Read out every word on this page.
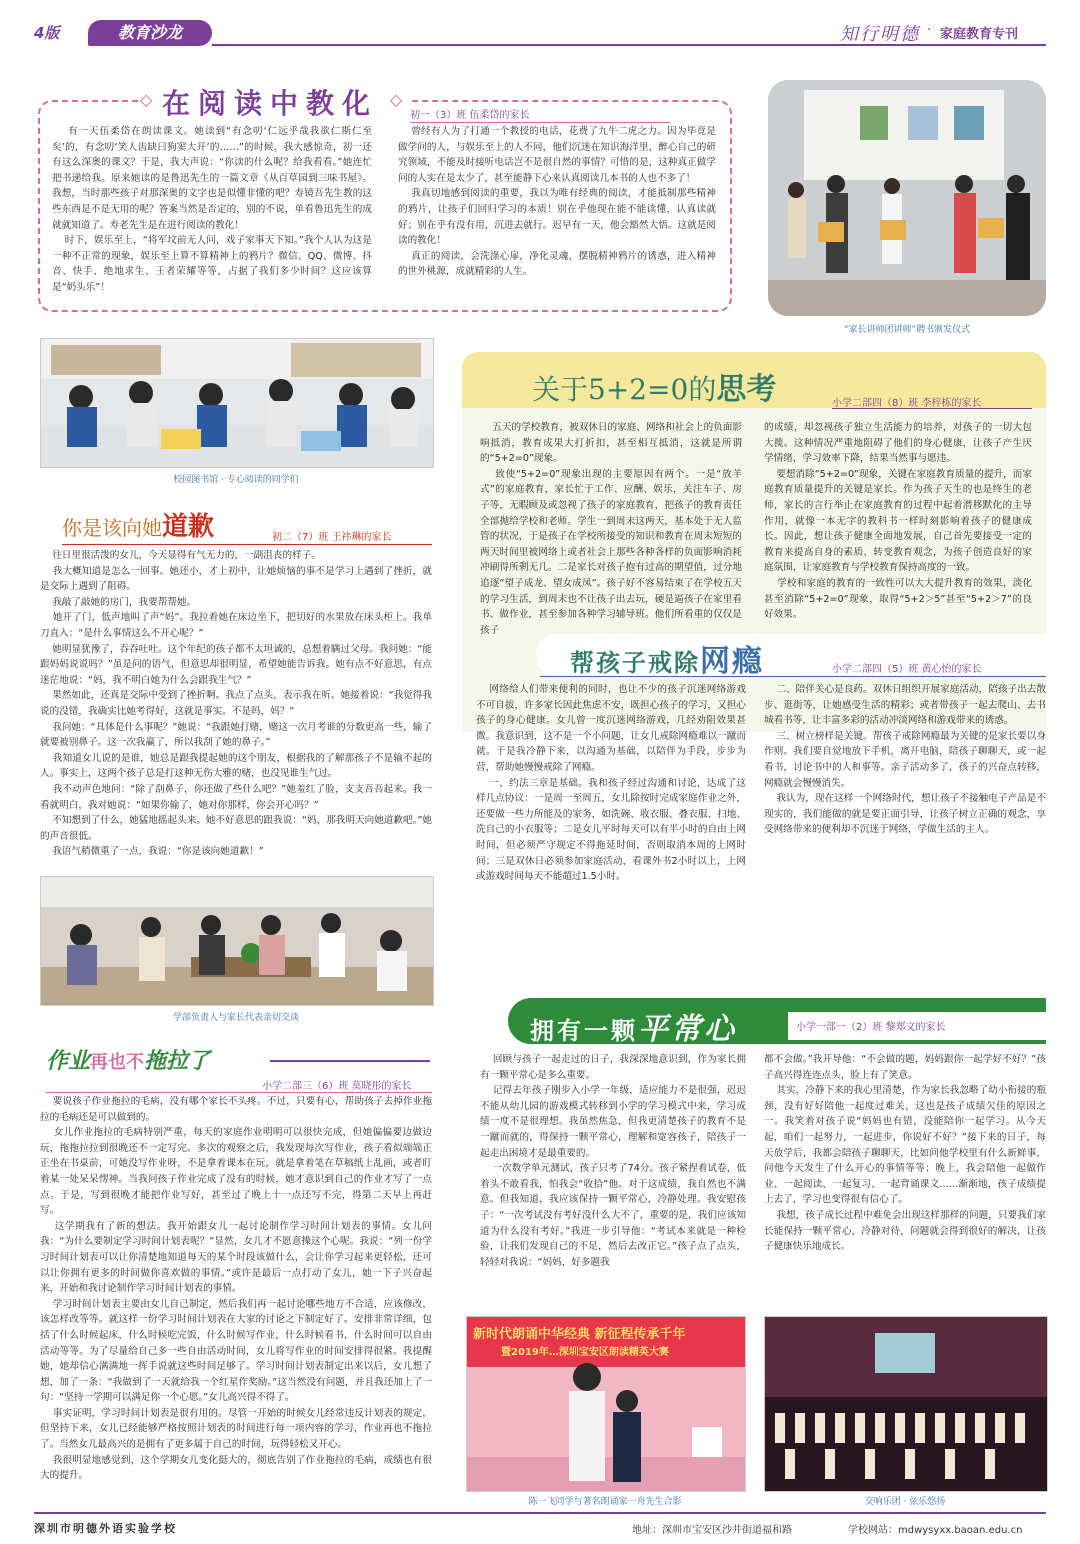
4版	教育沙龙	知行明德 · 家庭教育专刊
◇ 在阅读中教化 ◇
初一（3）班 伍柔岱的家长
有一天伍柔岱在朗读课文。她读到“有念叨‘仁远乎哉我欲仁斯仁至矣’的，有念叨‘笑人齿缺曰狗窦大开’的……”的时候，我大感惊奇，初一还有这么深奥的课文？于是，我大声说：“你读的什么呢？给我看看。”她连忙把书递给我。原来她读的是鲁迅先生的一篇文章《从百草园到三味书屋》。我想，当时那些孩子对那深奥的文字也是似懂非懂的吧？寿镜吾先生教的这些东西是不是无用的呢？答案当然是否定的，别的不说，单看鲁迅先生的成就就知道了。寿老先生是在进行阅读的教化！
时下，娱乐至上，“将军坟前无人问，戏子家事天下知。”我个人认为这是一种不正常的现象，娱乐至上算不算精神上的鸦片？微信、QQ、微博、抖音、快手、绝地求生、王者荣耀等等，占据了我们多少时间？这应该算是“奶头乐”！
曾经有人为了打通一个教授的电话，花费了九牛二虎之力。因为毕竟是做学问的人，与娱乐至上的人不同，他们沉迷在知识海洋里，醉心自己的研究领域，不能及时接听电话岂不是很自然的事情？可惜的是，这种真正做学问的人实在是太少了，甚至能静下心来认真阅读几本书的人也不多了！
我真切地感到阅读的重要，我以为唯有经典的阅读，才能抵制那些精神的鸦片，让孩子们回归学习的本质！别在乎他现在能不能读懂，认真读就好；别在乎有没有用，沉进去就行。迟早有一天，他会豁然大悟。这就是阅读的教化！
真正的阅读，会洗涤心扉，净化灵魂，摆脱精神鸦片的诱惑，进入精神的世外桃源，成就精彩的人生。
“家长讲师团讲师”聘书颁发仪式
校园图书馆 · 专心阅读的同学们
你是该向她道歉	初二（7）班 王祎琳的家长
往日里很活泼的女儿，今天显得有气无力的，一副沮丧的样子。
我大概知道是怎么一回事。她还小，才上初中，让她烦恼的事不是学习上遇到了挫折，就是交际上遇到了阻碍。
我敲了敲她的房门，我要帮帮她。
她开了门，低声地叫了声“妈”。我拉着她在床边坐下，把切好的水果放在床头柜上。我单刀直入：“是什么事情这么不开心呢？”
她明显犹豫了，吞吞吐吐。这个年纪的孩子都不太坦诚的，总想着瞒过父母。我问她：“能跟妈妈说说吗？”虽是问的语气，但意思却很明显，希望她能告诉我。她有点不好意思，有点迷茫地说：“妈，我不明白她为什么会跟我生气？”
果然如此，还真是交际中受到了挫折啊。我点了点头，表示我在听。她接着说：“我觉得我说的没错，我确实比她考得好，这就是事实。不是吗，妈？”
我问她：“具体是什么事呢？”她说：“我跟她打赌，赌这一次月考谁的分数更高一些，输了就要被别鼻子。这一次我赢了，所以我刮了她的鼻子。”
我知道女儿说的是谁，她总是跟我提起她的这个朋友，根据我的了解那孩子不是输不起的人。事实上，这两个孩子总是打这种无伤大雅的赌，也没见谁生气过。
我不动声色地问：“除了刮鼻子，你还做了些什么吧？”她羞红了脸，支支吾吾起来。我一看就明白，我对她说：“如果你输了，她对你那样，你会开心吗？”
不知想到了什么，她猛地摇起头来。她不好意思的跟我说：“妈，那我明天向她道歉吧。”她的声音很低。
我语气稍微重了一点，我说：“你是该向她道歉！”
学部负责人与家长代表亲切交谈
作业再也不拖拉了
小学二部三（6）班 莫晓彤的家长
要说孩子作业拖拉的毛病，没有哪个家长不头疼。不过，只要有心，帮助孩子去掉作业拖拉的毛病还是可以做到的。
女儿作业拖拉的毛病特别严重，每天的家庭作业明明可以很快完成，但她偏偏要边做边玩，拖拖拉拉到很晚还不一定写完。多次的观察之后，我发现每次写作业，孩子看似端端正正坐在书桌前，可她没写作业呀，不是拿着课本在玩，就是拿着笔在草稿纸上乱画，或者盯着某一处呆呆愣神。当我问孩子作业完成了没有的时候，她才意识到自己的作业才写了一点点。于是，写到很晚才能把作业写好，甚至过了晚上十一点还写不完，得第二天早上再赶写。
这学期我有了新的想法。我开始跟女儿一起讨论制作学习时间计划表的事情。女儿问我：“为什么要制定学习时间计划表呢？”显然，女儿才不愿意操这个心呢。我说：“列一份学习时间计划表可以让你清楚地知道每天的某个时段该做什么，会让你学习起来更轻松，还可以让你拥有更多的时间做你喜欢做的事情。”或许是最后一点打动了女儿，她一下子兴奋起来，开始和我讨论制作学习时间计划表的事情。
学习时间计划表主要由女儿自己制定，然后我们再一起讨论哪些地方不合适，应该修改，该怎样改等等。就这样一份学习时间计划表在大家的讨论之下制定好了。安排非常详细，包括了什么时候起床，什么时候吃完饭，什么时候写作业，什么时候看书，什么时间可以自由活动等等。为了尽量给自己多一些自由活动时间，女儿将写作业的时间安排得很紧。我提醒她，她却信心满满地一挥手说就这些时间足够了。学习时间计划表制定出来以后，女儿想了想，加了一条：“我做到了一天就给我一个红星作奖励。”这当然没有问题，并且我还加上了一句：“坚持一学期可以满足你一个心愿。”女儿高兴得不得了。
事实证明，学习时间计划表是很有用的。尽管一开始的时候女儿经常违反计划表的规定，但坚持下来，女儿已经能够严格按照计划表的时间进行每一项内容的学习，作业再也不拖拉了。当然女儿最高兴的是拥有了更多属于自己的时间，玩得轻松又开心。
我很明显地感觉到，这个学期女儿变化挺大的，彻底告别了作业拖拉的毛病，成绩也有很大的提升。
关于5+2=0的思考	小学二部四（8）班 李梓栋的家长
五天的学校教育，被双休日的家庭、网络和社会上的负面影响抵消，教育成果大打折扣，甚至相互抵消，这就是所谓的“5+2=0”现象。
致使“5+2=0”现象出现的主要原因有两个。一是“放羊式”的家庭教育，家长忙于工作、应酬、娱乐，关注车子、房子等，无暇顾及或忽视了孩子的家庭教育，把孩子的教育责任全部抛给学校和老师。学生一到周末这两天，基本处于无人监管的状况，于是孩子在学校所接受的知识和教育在周末短短的两天时间里被网络上或者社会上那些各种各样的负面影响消耗冲刷得所剩无几。二是家长对孩子抱有过高的期望值，过分地追逐“望子成龙、望女成凤”。孩子好不容易结束了在学校五天的学习生活，到周末也不让孩子出去玩，硬是逼孩子在家里看书、做作业，甚至参加各种学习辅导班。他们所看重的仅仅是孩子
的成绩，却忽视孩子独立生活能力的培养，对孩子的一切大包大揽。这种情况严重地阻碍了他们的身心健康，让孩子产生厌学情绪，学习效率下降，结果当然事与愿违。
要想消除“5+2=0”现象，关键在家庭教育质量的提升，而家庭教育质量提升的关键是家长。作为孩子天生的也是终生的老师，家长的言行举止在家庭教育的过程中起着潜移默化的主导作用，就像一本无字的教科书一样时刻影响着孩子的健康成长。因此，想让孩子健康全面地发展，自己首先要接受一定的教育来提高自身的素质、转变教育观念，为孩子创造良好的家庭氛围，让家庭教育与学校教育保持高度的一致。
学校和家庭的教育的一致性可以大大提升教育的效果，淡化甚至消除“5+2=0”现象，取得“5+2＞5”甚至“5+2＞7”的良好效果。
帮孩子戒除网瘾	小学二部四（5）班 黄心怡的家长
网络给人们带来便利的同时，也让不少的孩子沉迷网络游戏不可自拔，许多家长因此焦虑不安，既担心孩子的学习，又担心孩子的身心健康。女儿曾一度沉迷网络游戏，几经劝阻效果甚微。我意识到，这不是一个小问题，让女儿戒除网瘾难以一蹴而就。于是我冷静下来，以沟通为基础，以陪伴为手段，步步为营，帮助她慢慢戒除了网瘾。
一、约法三章是基础。我和孩子经过沟通和讨论，达成了这样几点协议：一是周一至周五，女儿除按时完成家庭作业之外，还要做一些力所能及的家务，如洗碗、收衣服、叠衣服、扫地、洗自己的小衣服等；二是女儿平时每天可以有半小时的自由上网时间，但必须严守规定不得拖延时间，否则取消本周的上网时间；三是双休日必须参加家庭活动，看课外书2小时以上，上网或游戏时间每天不能超过1.5小时。
二、陪伴关心是良药。双休日组织开展家庭活动，陪孩子出去散步、逛街等，让她感受生活的精彩；或者带孩子一起去爬山、去书城看书等，让丰富多彩的活动冲淡网络和游戏带来的诱惑。
三、树立榜样是关键。帮孩子戒除网瘾最为关键的是家长要以身作则。我们要自觉地放下手机，离开电脑，陪孩子聊聊天，或一起看书，讨论书中的人和事等。亲子活动多了，孩子的兴奋点转移，网瘾就会慢慢消失。
我认为，现在这样一个网络时代，想让孩子不接触电子产品是不现实的，我们能做的就是要正面引导，让孩子树立正确的观念，享受网络带来的便利却不沉迷于网络，学做生活的主人。
拥有一颗平常心	小学一部一（2）班 黎郑文的家长
回顾与孩子一起走过的日子，我深深地意识到，作为家长拥有一颗平常心是多么重要。
记得去年孩子刚步入小学一年级，适应能力不是很强，迟迟不能从幼儿园的游戏模式转移到小学的学习模式中来，学习成绩一度不是很理想。我虽然焦急，但我更清楚孩子的教育不是一蹴而就的，得保持一颗平常心，理解和宽容孩子，陪孩子一起走出困境才是最重要的。
一次数学单元测试，孩子只考了74分。孩子紧捏着试卷，低着头不敢看我，怕我会“收拾”他。对于这成绩，我自然也不满意。但我知道，我应该保持一颗平常心，冷静处理。我安慰孩子：“一次考试没有考好没什么大不了，重要的是，我们应该知道为什么没有考好。”我进一步引导他：“考试本来就是一种检验，让我们发现自己的不足，然后去改正它。”孩子点了点头，轻轻对我说：“妈妈，好多题我
都不会做。”我开导他：“不会做的题，妈妈跟你一起学好不好？”孩子高兴得连连点头，脸上有了笑意。
其实，冷静下来的我心里清楚，作为家长我忽略了幼小衔接的瓶颈，没有好好陪他一起度过难关，这也是孩子成绩欠佳的原因之一。我笑着对孩子说“妈妈也有错，没能陪你一起学习。从今天起，咱们一起努力，一起进步，你说好不好？”接下来的日子，每天放学后，我都会陪孩子聊聊天，比如问他学校里有什么新鲜事，问他今天发生了什么开心的事情等等；晚上，我会陪他一起做作业、一起阅读、一起复习、一起背诵课文……渐渐地，孩子成绩提上去了，学习也变得很有信心了。
我想，孩子成长过程中难免会出现这样那样的问题，只要我们家长能保持一颗平常心，冷静对待，问题就会得到很好的解决，让孩子健康快乐地成长。
新时代朗诵中华经典 新征程传承千年
暨2019年…深圳宝安区朗读精英大赛
陈一飞同学与著名朗诵家一舟先生合影	交响乐团 · 弦乐悠扬
深圳市明德外语实验学校	地址：深圳市宝安区沙井街道福和路	学校网站：mdwysyxx.baoan.edu.cn
